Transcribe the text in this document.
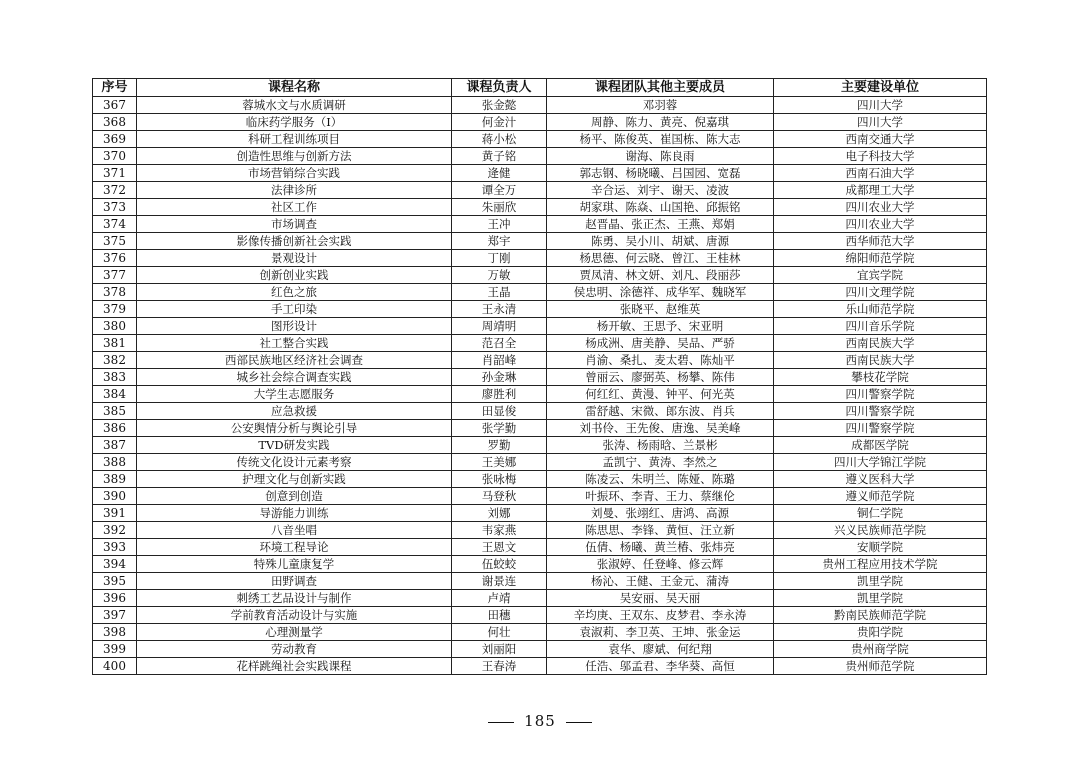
序号	课程名称	课程负责人	课程团队其他主要成员	主要建设单位
367	蓉城水文与水质调研	张金懿	邓羽蓉	四川大学
368	临床药学服务（I）	何金汁	周静、陈力、黄亮、倪嘉琪	四川大学
369	科研工程训练项目	蒋小松	杨平、陈俊英、崔国栋、陈大志	西南交通大学
370	创造性思维与创新方法	黄子铭	谢海、陈良雨	电子科技大学
371	市场营销综合实践	逄健	郭志钢、杨晓曦、吕国园、宽磊	西南石油大学
372	法律诊所	谭全万	辛合运、刘宇、谢天、凌波	成都理工大学
373	社区工作	朱丽欣	胡家琪、陈焱、山国艳、邱振铭	四川农业大学
374	市场调查	王冲	赵晋晶、张正杰、王燕、郑娟	四川农业大学
375	影像传播创新社会实践	郑宇	陈勇、吴小川、胡斌、唐源	西华师范大学
376	景观设计	丁刚	杨思德、何云晓、曾江、王桂林	绵阳师范学院
377	创新创业实践	万敏	贾凤清、林文妍、刘凡、段丽莎	宜宾学院
378	红色之旅	王晶	侯忠明、涂德祥、成华军、魏晓军	四川文理学院
379	手工印染	王永清	张晓平、赵维英	乐山师范学院
380	图形设计	周靖明	杨开敏、王思予、宋亚明	四川音乐学院
381	社工整合实践	范召全	杨成洲、唐美静、吴品、严骄	西南民族大学
382	西部民族地区经济社会调查	肖韶峰	肖渝、桑扎、麦太碧、陈灿平	西南民族大学
383	城乡社会综合调查实践	孙金琳	曾丽云、廖弼英、杨攀、陈伟	攀枝花学院
384	大学生志愿服务	廖胜利	何红红、黄漫、钟平、何光英	四川警察学院
385	应急救援	田显俊	雷舒越、宋微、郎东波、肖兵	四川警察学院
386	公安舆情分析与舆论引导	张学勤	刘书伶、王先俊、唐逸、吴美峰	四川警察学院
387	TVD研发实践	罗勤	张涛、杨雨晗、兰景彬	成都医学院
388	传统文化设计元素考察	王美娜	孟凯宁、黄涛、李然之	四川大学锦江学院
389	护理文化与创新实践	张咏梅	陈凌云、朱明兰、陈娅、陈璐	遵义医科大学
390	创意到创造	马登秋	叶振环、李青、王力、蔡继伦	遵义师范学院
391	导游能力训练	刘娜	刘曼、张翊红、唐鸿、高源	铜仁学院
392	八音坐唱	韦家燕	陈思思、李锋、黄恒、汪立新	兴义民族师范学院
393	环境工程导论	王恩文	伍倩、杨曦、黄兰椿、张炜亮	安顺学院
394	特殊儿童康复学	伍蛟蛟	张淑婷、任登峰、修云辉	贵州工程应用技术学院
395	田野调查	谢景连	杨沁、王健、王金元、蒲涛	凯里学院
396	刺绣工艺品设计与制作	卢靖	吴安丽、吴天丽	凯里学院
397	学前教育活动设计与实施	田穗	辛均庚、王双东、皮梦君、李永涛	黔南民族师范学院
398	心理测量学	何壮	袁淑莉、李卫英、王坤、张金运	贵阳学院
399	劳动教育	刘丽阳	袁华、廖斌、何纪翔	贵州商学院
400	花样跳绳社会实践课程	王春涛	任浩、邬孟君、李华葵、高恒	贵州师范学院
185
